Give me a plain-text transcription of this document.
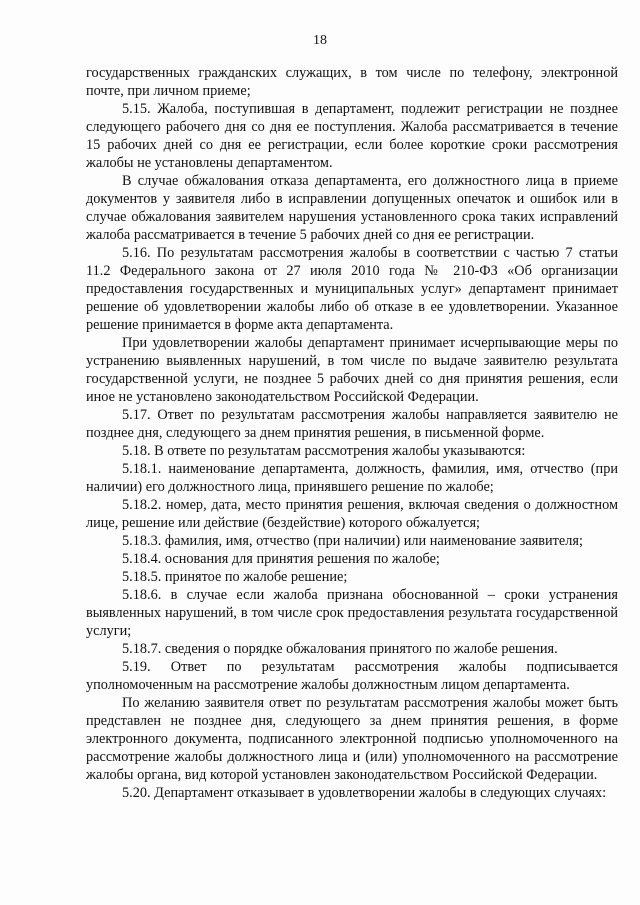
18

государственных гражданских служащих, в том числе по телефону, электронной почте, при личном приеме;

5.15. Жалоба, поступившая в департамент, подлежит регистрации не позднее следующего рабочего дня со дня ее поступления. Жалоба рассматривается в течение 15 рабочих дней со дня ее регистрации, если более короткие сроки рассмотрения жалобы не установлены департаментом.

В случае обжалования отказа департамента, его должностного лица в приеме документов у заявителя либо в исправлении допущенных опечаток и ошибок или в случае обжалования заявителем нарушения установленного срока таких исправлений жалоба рассматривается в течение 5 рабочих дней со дня ее регистрации.

5.16. По результатам рассмотрения жалобы в соответствии с частью 7 статьи 11.2 Федерального закона от 27 июля 2010 года № 210-ФЗ «Об организации предоставления государственных и муниципальных услуг» департамент принимает решение об удовлетворении жалобы либо об отказе в ее удовлетворении. Указанное решение принимается в форме акта департамента.

При удовлетворении жалобы департамент принимает исчерпывающие меры по устранению выявленных нарушений, в том числе по выдаче заявителю результата государственной услуги, не позднее 5 рабочих дней со дня принятия решения, если иное не установлено законодательством Российской Федерации.

5.17. Ответ по результатам рассмотрения жалобы направляется заявителю не позднее дня, следующего за днем принятия решения, в письменной форме.

5.18. В ответе по результатам рассмотрения жалобы указываются:

5.18.1. наименование департамента, должность, фамилия, имя, отчество (при наличии) его должностного лица, принявшего решение по жалобе;

5.18.2. номер, дата, место принятия решения, включая сведения о должностном лице, решение или действие (бездействие) которого обжалуется;

5.18.3. фамилия, имя, отчество (при наличии) или наименование заявителя;

5.18.4. основания для принятия решения по жалобе;

5.18.5. принятое по жалобе решение;

5.18.6. в случае если жалоба признана обоснованной – сроки устранения выявленных нарушений, в том числе срок предоставления результата государственной услуги;

5.18.7. сведения о порядке обжалования принятого по жалобе решения.

5.19. Ответ по результатам рассмотрения жалобы подписывается уполномоченным на рассмотрение жалобы должностным лицом департамента.

По желанию заявителя ответ по результатам рассмотрения жалобы может быть представлен не позднее дня, следующего за днем принятия решения, в форме электронного документа, подписанного электронной подписью уполномоченного на рассмотрение жалобы должностного лица и (или) уполномоченного на рассмотрение жалобы органа, вид которой установлен законодательством Российской Федерации.

5.20. Департамент отказывает в удовлетворении жалобы в следующих случаях:
